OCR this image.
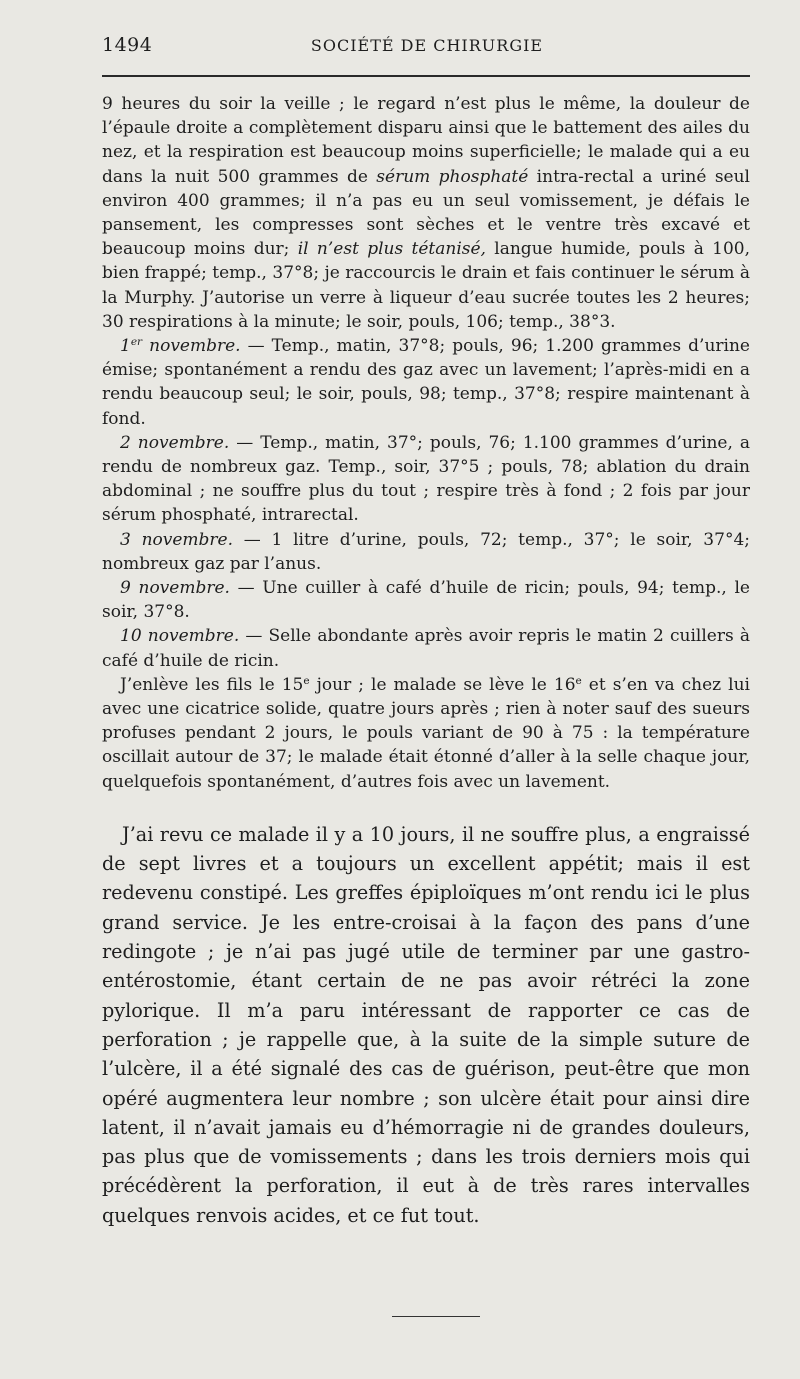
1494	SOCIÉTÉ DE CHIRURGIE

9 heures du soir la veille ; le regard n’est plus le même, la douleur de l’épaule droite a complètement disparu ainsi que le battement des ailes du nez, et la respiration est beaucoup moins superficielle; le malade qui a eu dans la nuit 500 grammes de sérum phosphaté intra-rectal a uriné seul environ 400 grammes; il n’a pas eu un seul vomissement, je défais le pansement, les compresses sont sèches et le ventre très excavé et beaucoup moins dur; il n’est plus tétanisé, langue humide, pouls à 100, bien frappé; temp., 37°8; je raccourcis le drain et fais continuer le sérum à la Murphy. J’autorise un verre à liqueur d’eau sucrée toutes les 2 heures; 30 respirations à la minute; le soir, pouls, 106; temp., 38°3.

1er novembre. — Temp., matin, 37°8; pouls, 96; 1.200 grammes d’urine émise; spontanément a rendu des gaz avec un lavement; l’après-midi en a rendu beaucoup seul; le soir, pouls, 98; temp., 37°8; respire maintenant à fond.

2 novembre. — Temp., matin, 37°; pouls, 76; 1.100 grammes d’urine, a rendu de nombreux gaz. Temp., soir, 37°5 ; pouls, 78; ablation du drain abdominal ; ne souffre plus du tout ; respire très à fond ; 2 fois par jour sérum phosphaté, intrarectal.

3 novembre. — 1 litre d’urine, pouls, 72; temp., 37°; le soir, 37°4; nombreux gaz par l’anus.

9 novembre. — Une cuiller à café d’huile de ricin; pouls, 94; temp., le soir, 37°8.

10 novembre. — Selle abondante après avoir repris le matin 2 cuillers à café d’huile de ricin.

J’enlève les fils le 15e jour ; le malade se lève le 16e et s’en va chez lui avec une cicatrice solide, quatre jours après ; rien à noter sauf des sueurs profuses pendant 2 jours, le pouls variant de 90 à 75 : la température oscillait autour de 37; le malade était étonné d’aller à la selle chaque jour, quelquefois spontanément, d’autres fois avec un lavement.

J’ai revu ce malade il y a 10 jours, il ne souffre plus, a engraissé de sept livres et a toujours un excellent appétit; mais il est redevenu constipé. Les greffes épiploïques m’ont rendu ici le plus grand service. Je les entre-croisai à la façon des pans d’une redingote ; je n’ai pas jugé utile de terminer par une gastro-entérostomie, étant certain de ne pas avoir rétréci la zone pylorique. Il m’a paru intéressant de rapporter ce cas de perforation ; je rappelle que, à la suite de la simple suture de l’ulcère, il a été signalé des cas de guérison, peut-être que mon opéré augmentera leur nombre ; son ulcère était pour ainsi dire latent, il n’avait jamais eu d’hémorragie ni de grandes douleurs, pas plus que de vomissements ; dans les trois derniers mois qui précédèrent la perforation, il eut à de très rares intervalles quelques renvois acides, et ce fut tout.
